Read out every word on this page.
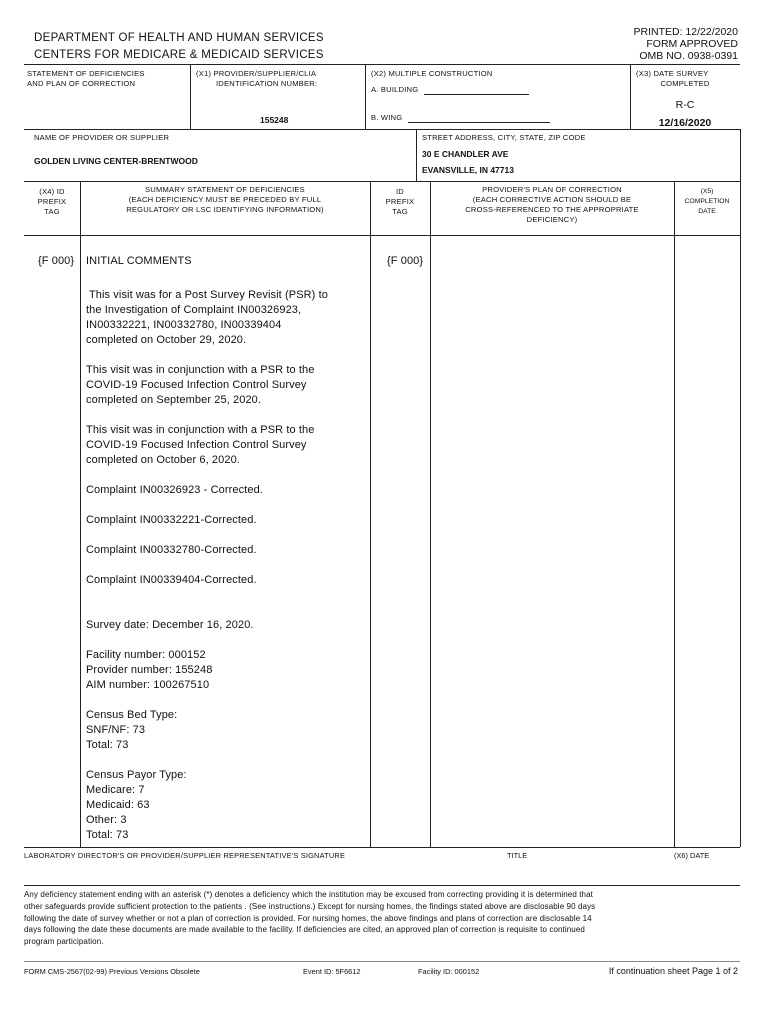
DEPARTMENT OF HEALTH AND HUMAN SERVICES
CENTERS FOR MEDICARE & MEDICAID SERVICES
PRINTED: 12/22/2020
FORM APPROVED
OMB NO. 0938-0391
STATEMENT OF DEFICIENCIES
AND PLAN OF CORRECTION
(X1) PROVIDER/SUPPLIER/CLIA
IDENTIFICATION NUMBER:
155248
(X2) MULTIPLE CONSTRUCTION
A. BUILDING
B. WING
(X3) DATE SURVEY
COMPLETED
R-C
12/16/2020
NAME OF PROVIDER OR SUPPLIER
GOLDEN LIVING CENTER-BRENTWOOD
STREET ADDRESS, CITY, STATE, ZIP CODE
30 E CHANDLER AVE
EVANSVILLE, IN 47713
(X4) ID
PREFIX
TAG
SUMMARY STATEMENT OF DEFICIENCIES
(EACH DEFICIENCY MUST BE PRECEDED BY FULL
REGULATORY OR LSC IDENTIFYING INFORMATION)
ID
PREFIX
TAG
PROVIDER'S PLAN OF CORRECTION
(EACH CORRECTIVE ACTION SHOULD BE
CROSS-REFERENCED TO THE APPROPRIATE
DEFICIENCY)
(X5)
COMPLETION
DATE
{F 000} INITIAL COMMENTS	{F 000}
This visit was for a Post Survey Revisit (PSR) to
the Investigation of Complaint IN00326923,
IN00332221, IN00332780, IN00339404
completed on October 29, 2020.

This visit was in conjunction with a PSR to the
COVID-19 Focused Infection Control Survey
completed on September 25, 2020.

This visit was in conjunction with a PSR to the
COVID-19 Focused Infection Control Survey
completed on October 6, 2020.

Complaint IN00326923 - Corrected.

Complaint IN00332221-Corrected.

Complaint IN00332780-Corrected.

Complaint IN00339404-Corrected.

Survey date: December 16, 2020.

Facility number: 000152
Provider number: 155248
AIM number: 100267510

Census Bed Type:
SNF/NF: 73
Total: 73

Census Payor Type:
Medicare: 7
Medicaid: 63
Other: 3
Total: 73
LABORATORY DIRECTOR'S OR PROVIDER/SUPPLIER REPRESENTATIVE'S SIGNATURE	TITLE	(X6) DATE
Any deficiency statement ending with an asterisk (*) denotes a deficiency which the institution may be excused from correcting providing it is determined that
other safeguards provide sufficient protection to the patients . (See instructions.) Except for nursing homes, the findings stated above are disclosable 90 days
following the date of survey whether or not a plan of correction is provided. For nursing homes, the above findings and plans of correction are disclosable 14
days following the date these documents are made available to the facility. If deficiencies are cited, an approved plan of correction is requisite to continued
program participation.
FORM CMS-2567(02-99) Previous Versions Obsolete	Event ID: 5F6612	Facility ID: 000152	If continuation sheet Page 1 of 2
